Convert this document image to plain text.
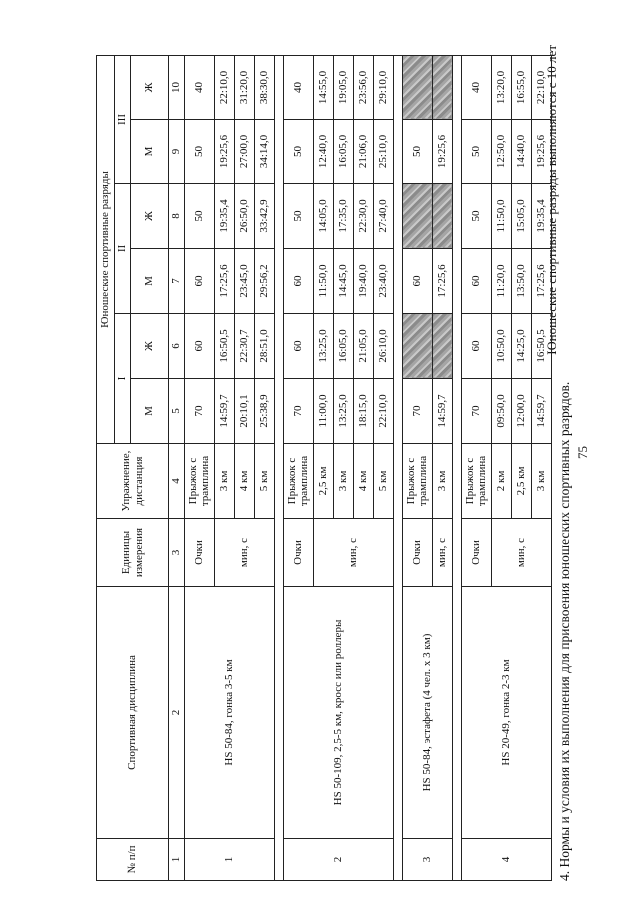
75
4. Нормы и условия их выполнения для присвоения юношеских спортивных разрядов.
Юношеские спортивные разряды выполняются с 10 лет
№ п/п	Спортивная дисциплина	Единицы измерения	Упражнение, дистанция	Юношеские спортивные разряды					
				I		II		III	
				М	Ж	М	Ж	М	Ж
1	2	3	4	5	6	7	8	9	10
1	HS 50-84, гонка 3-5 км	Очки	Прыжок с трамплина	70	60	60	50	50	40
		мин, с	3 км	14:59,7	16:50,5	17:25,6	19:35,4	19:25,6	22:10,0
			4 км	20:10,1	22:30,7	23:45,0	26:50,0	27:00,0	31:20,0
			5 км	25:38,9	28:51,0	29:56,2	33:42,9	34:14,0	38:30,0

2	HS 50-109, 2,5-5 км, кросс или роллеры	Очки	Прыжок с трамплина	70	60	60	50	50	40
		мин, с	2,5 км	11:00,0	13:25,0	11:50,0	14:05,0	12:40,0	14:55,0
			3 км	13:25,0	16:05,0	14:45,0	17:35,0	16:05,0	19:05,0
			4 км	18:15,0	21:05,0	19:40,0	22:30,0	21:06,0	23:56,0
			5 км	22:10,0	26:10,0	23:40,0	27:40,0	25:10,0	29:10,0

3	HS 50-84, эстафета (4 чел. х 3 км)	Очки	Прыжок с трамплина	70		60		50	
		мин, с	3 км	14:59,7		17:25,6		19:25,6	

4	HS 20-49, гонка 2-3 км	Очки	Прыжок с трамплина	70	60	60	50	50	40
		мин, с	2 км	09:50,0	10:50,0	11:20,0	11:50,0	12:50,0	13:20,0
			2,5 км	12:00,0	14:25,0	13:50,0	15:05,0	14:40,0	16:55,0
			3 км	14:59,7	16:50,5	17:25,6	19:35,4	19:25,6	22:10,0
